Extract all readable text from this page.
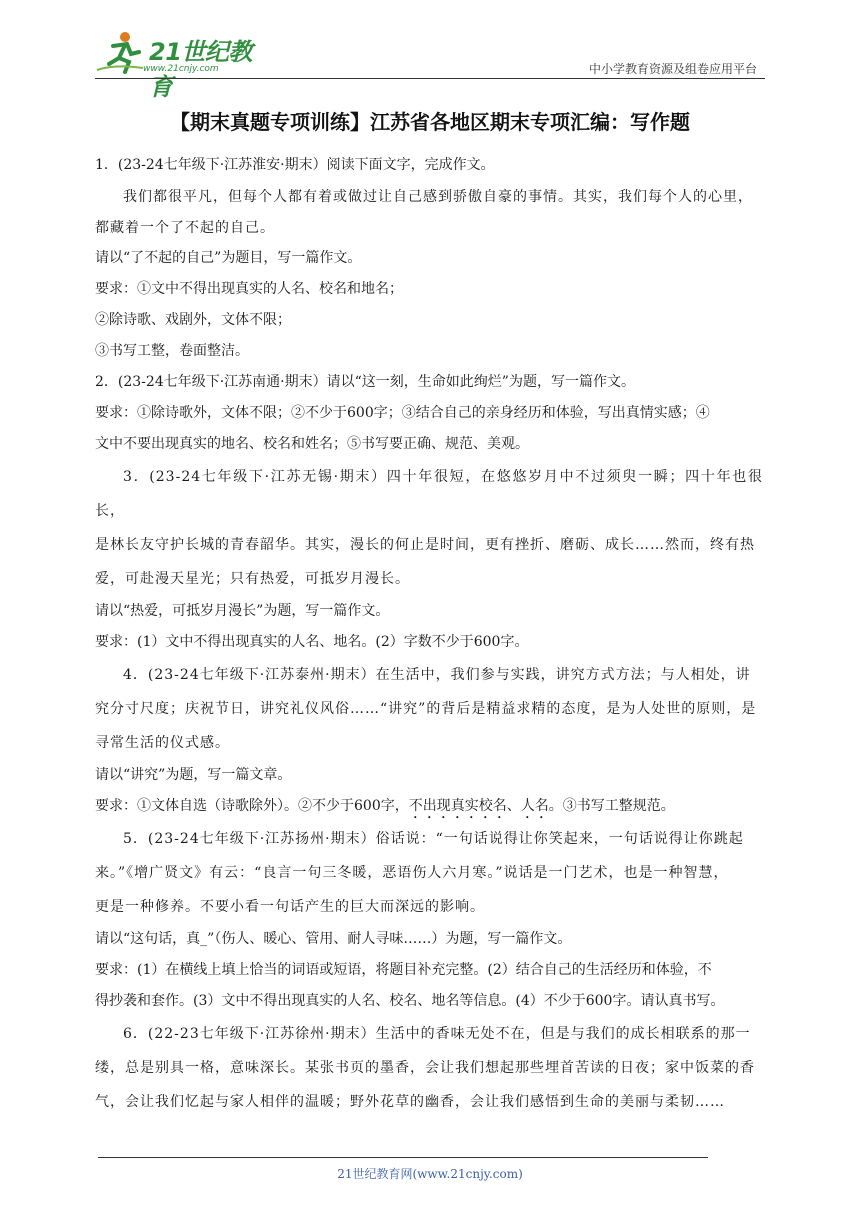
21世纪教育
www.21cnjy.com	中小学教育资源及组卷应用平台
【期末真题专项训练】江苏省各地区期末专项汇编：写作题

1．(23-24七年级下·江苏淮安·期末）阅读下面文字，完成作文。

我们都很平凡，但每个人都有着或做过让自己感到骄傲自豪的事情。其实，我们每个人的心里，

都藏着一个了不起的自己。

请以“了不起的自己”为题目，写一篇作文。

要求：①文中不得出现真实的人名、校名和地名；

②除诗歌、戏剧外，文体不限；

③书写工整，卷面整洁。

2．(23-24七年级下·江苏南通·期末）请以“这一刻，生命如此绚烂”为题，写一篇作文。

要求：①除诗歌外，文体不限；②不少于600字；③结合自己的亲身经历和体验，写出真情实感；④

文中不要出现真实的地名、校名和姓名；⑤书写要正确、规范、美观。

3．(23-24七年级下·江苏无锡·期末）四十年很短，在悠悠岁月中不过须臾一瞬；四十年也很长，

是林长友守护长城的青春韶华。其实，漫长的何止是时间，更有挫折、磨砺、成长……然而，终有热

爱，可赴漫天星光；只有热爱，可抵岁月漫长。

请以“热爱，可抵岁月漫长”为题，写一篇作文。

要求：(1）文中不得出现真实的人名、地名。(2）字数不少于600字。

4．(23-24七年级下·江苏泰州·期末）在生活中，我们参与实践，讲究方式方法；与人相处，讲

究分寸尺度；庆祝节日，讲究礼仪风俗……“讲究”的背后是精益求精的态度，是为人处世的原则，是

寻常生活的仪式感。

请以“讲究”为题，写一篇文章。

要求：①文体自选（诗歌除外）。②不少于600字，不出现真实校名、人名。③书写工整规范。

5．(23-24七年级下·江苏扬州·期末）俗话说：“一句话说得让你笑起来，一句话说得让你跳起

来。”《增广贤文》有云：“良言一句三冬暖，恶语伤人六月寒。”说话是一门艺术，也是一种智慧，

更是一种修养。不要小看一句话产生的巨大而深远的影响。

请以“这句话，真_”（伤人、暖心、管用、耐人寻味……）为题，写一篇作文。

要求：(1）在横线上填上恰当的词语或短语，将题目补充完整。(2）结合自己的生活经历和体验，不

得抄袭和套作。(3）文中不得出现真实的人名、校名、地名等信息。(4）不少于600字。请认真书写。

6．(22-23七年级下·江苏徐州·期末）生活中的香味无处不在，但是与我们的成长相联系的那一

缕，总是别具一格，意味深长。某张书页的墨香，会让我们想起那些埋首苦读的日夜；家中饭菜的香

气，会让我们忆起与家人相伴的温暖；野外花草的幽香，会让我们感悟到生命的美丽与柔韧……

21世纪教育网(www.21cnjy.com)
